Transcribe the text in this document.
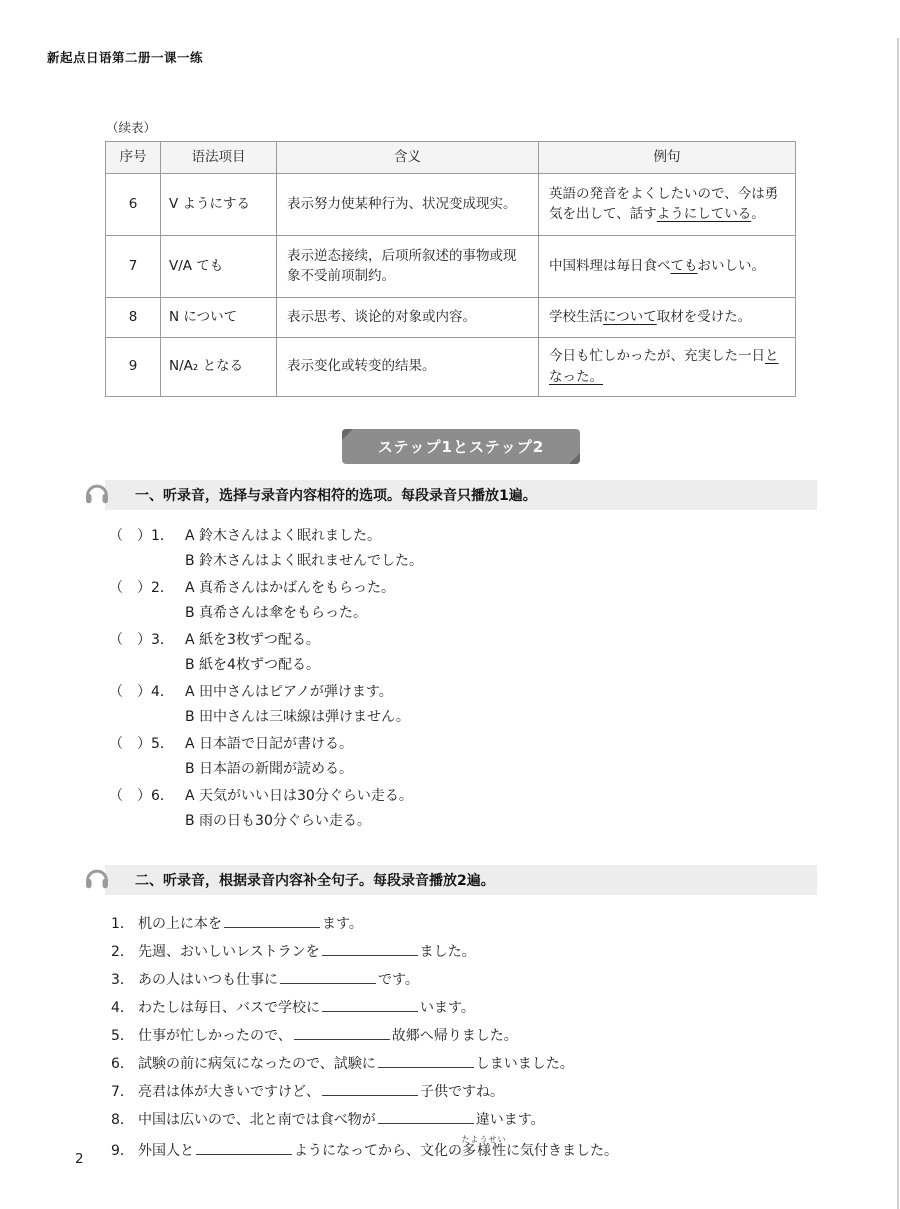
新起点日语第二册一课一练
（续表）
序号	语法项目	含义	例句
6	V ようにする	表示努力使某种行为、状况变成现实。	英語の発音をよくしたいので、今は勇気を出して、話すようにしている。
7	V/A ても	表示逆态接续，后项所叙述的事物或现象不受前项制约。	中国料理は毎日食べてもおいしい。
8	N について	表示思考、谈论的对象或内容。	学校生活について取材を受けた。
9	N/A₂ となる	表示变化或转变的结果。	今日も忙しかったが、充実した一日となった。
ステップ1とステップ2
一、听录音，选择与录音内容相符的选项。每段录音只播放1遍。
（　）1． A 鈴木さんはよく眠れました。
B 鈴木さんはよく眠れませんでした。
（　）2． A 真希さんはかばんをもらった。
B 真希さんは傘をもらった。
（　）3． A 紙を3枚ずつ配る。
B 紙を4枚ずつ配る。
（　）4． A 田中さんはピアノが弾けます。
B 田中さんは三味線は弾けません。
（　）5． A 日本語で日記が書ける。
B 日本語の新聞が読める。
（　）6． A 天気がいい日は30分ぐらい走る。
B 雨の日も30分ぐらい走る。
二、听录音，根据录音内容补全句子。每段录音播放2遍。
1． 机の上に本を	ます。
2． 先週、おいしいレストランを	ました。
3． あの人はいつも仕事に	です。
4． わたしは毎日、バスで学校に	います。
5． 仕事が忙しかったので、	故郷へ帰りました。
6． 試験の前に病気になったので、試験に	しまいました。
7． 亮君は体が大きいですけど、	子供ですね。
8． 中国は広いので、北と南では食べ物が	違います。
9． 外国人と	ようになってから、文化の多様性たようせいに気付きました。
2
